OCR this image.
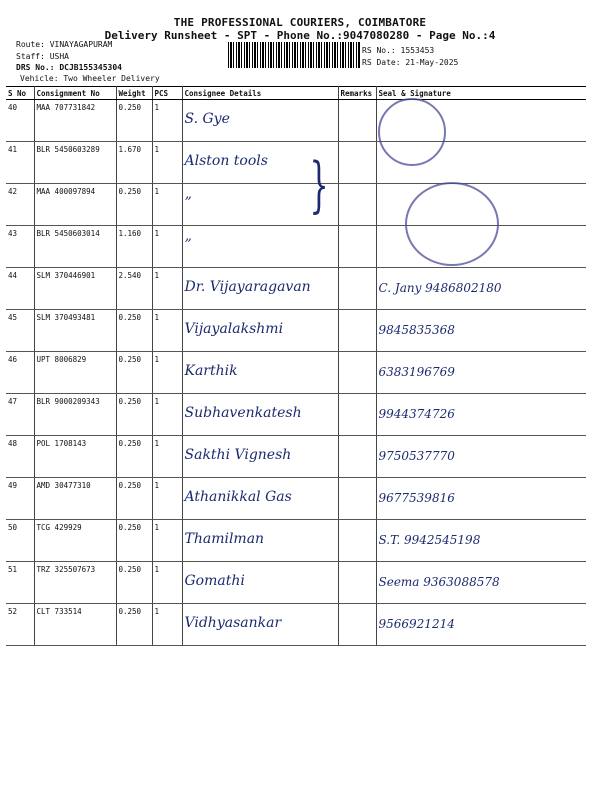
THE PROFESSIONAL COURIERS, COIMBATORE
Delivery Runsheet - SPT - Phone No.:9047080280 - Page No.:4
Route: VINAYAGAPURAM
Staff: USHA
DRS No.: DCJB155345304
Vehicle: Two Wheeler Delivery
RS No.: 1553453
RS Date: 21-May-2025
S No	Consignment No	Weight	PCS	Consignee Details	Remarks	Seal & Signature
40	MAA 707731842	0.250	1	S. Gye		
41	BLR 5450603289	1.670	1	Alston tools		
42	MAA 400097894	0.250	1	”		
43	BLR 5450603014	1.160	1	”		
44	SLM 370446901	2.540	1	Dr. Vijayaragavan		C. Jany 9486802180
45	SLM 370493481	0.250	1	Vijayalakshmi		9845835368
46	UPT 8006829	0.250	1	Karthik		6383196769
47	BLR 9000209343	0.250	1	Subhavenkatesh		9944374726
48	POL 1708143	0.250	1	Sakthi Vignesh		9750537770
49	AMD 30477310	0.250	1	Athanikkal Gas		9677539816
50	TCG 429929	0.250	1	Thamilman		S.T. 9942545198
51	TRZ 325507673	0.250	1	Gomathi		Seema 9363088578
52	CLT 733514	0.250	1	Vidhyasankar		9566921214
}
